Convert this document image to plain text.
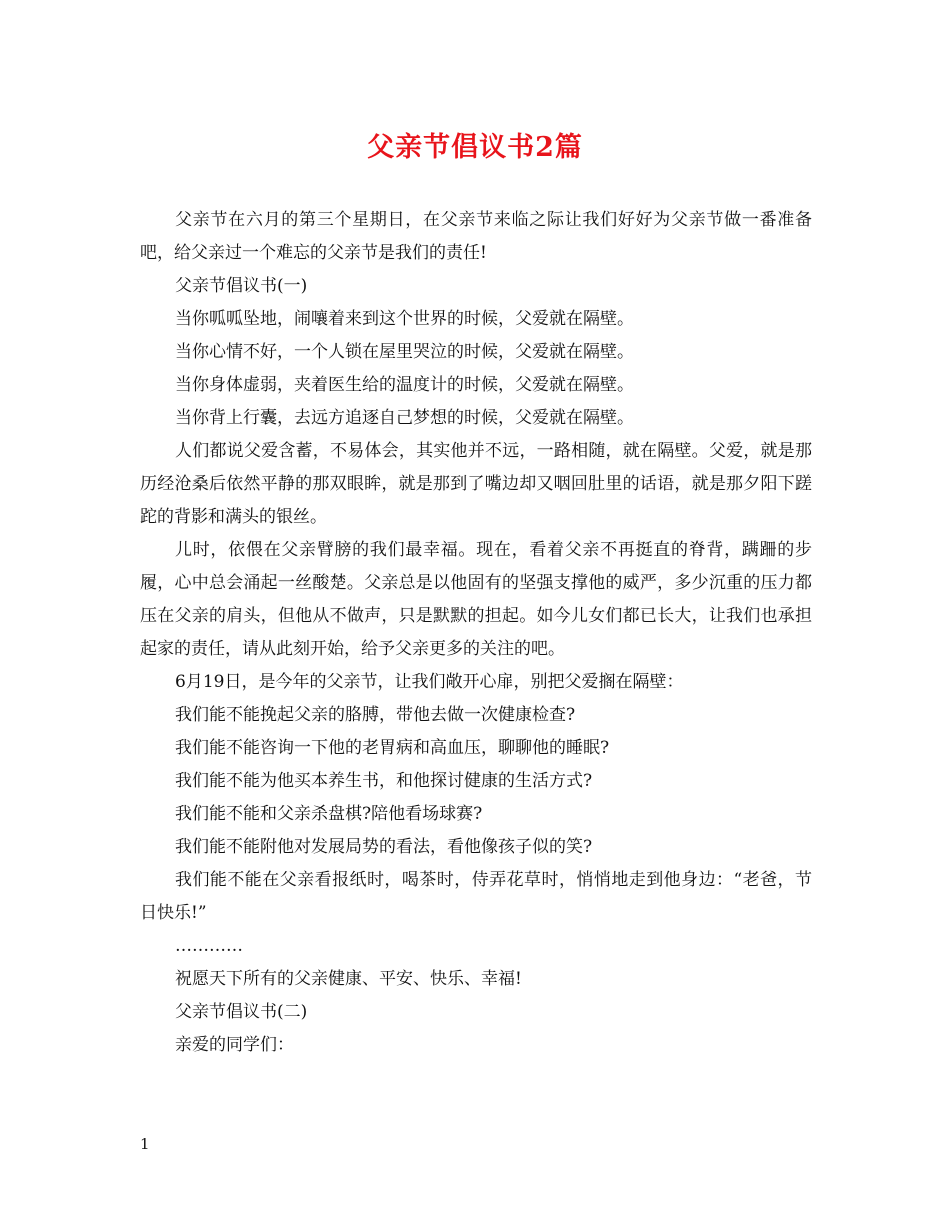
父亲节倡议书2篇

父亲节在六月的第三个星期日，在父亲节来临之际让我们好好为父亲节做一番准备吧，给父亲过一个难忘的父亲节是我们的责任!

父亲节倡议书(一)

当你呱呱坠地，闹嚷着来到这个世界的时候，父爱就在隔壁。

当你心情不好，一个人锁在屋里哭泣的时候，父爱就在隔壁。

当你身体虚弱，夹着医生给的温度计的时候，父爱就在隔壁。

当你背上行囊，去远方追逐自己梦想的时候，父爱就在隔壁。

人们都说父爱含蓄，不易体会，其实他并不远，一路相随，就在隔壁。父爱，就是那历经沧桑后依然平静的那双眼眸，就是那到了嘴边却又咽回肚里的话语，就是那夕阳下蹉跎的背影和满头的银丝。

儿时，依偎在父亲臂膀的我们最幸福。现在，看着父亲不再挺直的脊背，蹒跚的步履，心中总会涌起一丝酸楚。父亲总是以他固有的坚强支撑他的威严，多少沉重的压力都压在父亲的肩头，但他从不做声，只是默默的担起。如今儿女们都已长大，让我们也承担起家的责任，请从此刻开始，给予父亲更多的关注的吧。

6月19日，是今年的父亲节，让我们敞开心扉，别把父爱搁在隔壁：

我们能不能挽起父亲的胳膊，带他去做一次健康检查?

我们能不能咨询一下他的老胃病和高血压，聊聊他的睡眠?

我们能不能为他买本养生书，和他探讨健康的生活方式?

我们能不能和父亲杀盘棋?陪他看场球赛?

我们能不能附他对发展局势的看法，看他像孩子似的笑?

我们能不能在父亲看报纸时，喝茶时，侍弄花草时，悄悄地走到他身边：“老爸，节日快乐!”

…………

祝愿天下所有的父亲健康、平安、快乐、幸福!

父亲节倡议书(二)

亲爱的同学们：

1
